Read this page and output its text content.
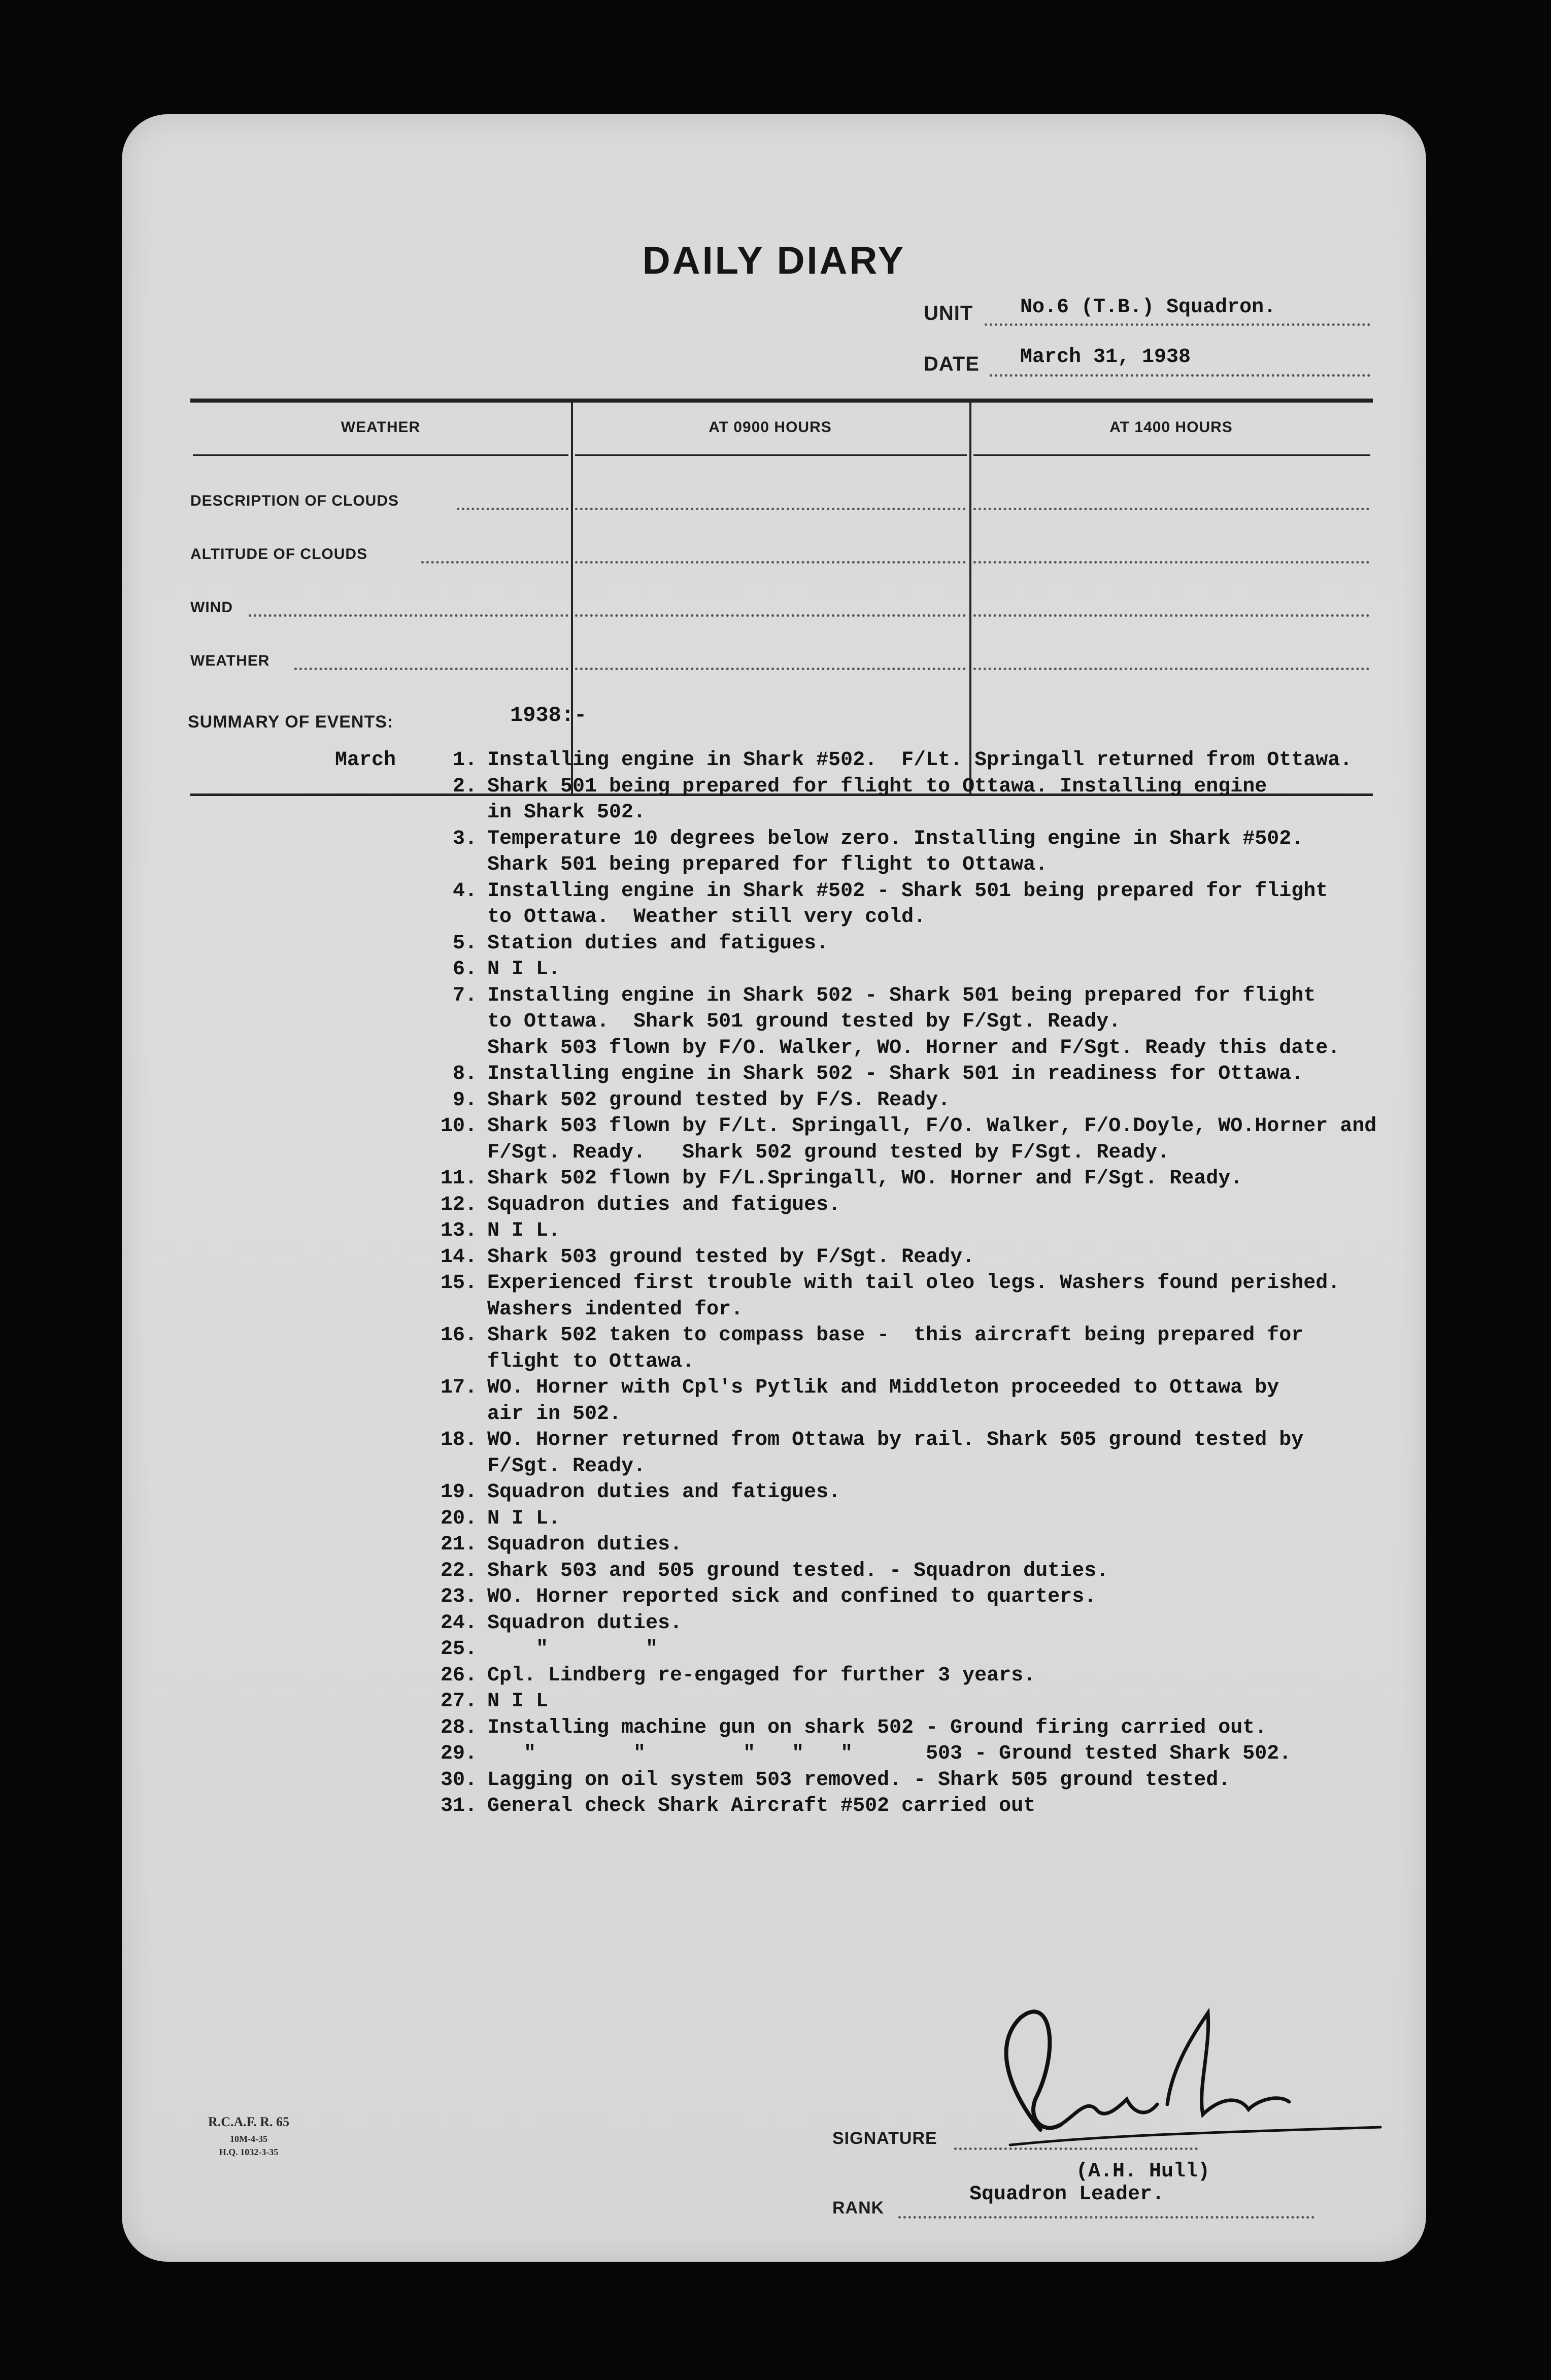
DAILY DIARY
UNIT No.6 (T.B.) Squadron.
DATE March 31, 1938
WEATHER	AT 0900 HOURS	AT 1400 HOURS
DESCRIPTION OF CLOUDS
ALTITUDE OF CLOUDS
WIND
WEATHER
SUMMARY OF EVENTS:	1938:-
March	1. Installing engine in Shark #502.  F/Lt. Springall returned from Ottawa.
2. Shark 501 being prepared for flight to Ottawa. Installing engine
in Shark 502.
3. Temperature 10 degrees below zero. Installing engine in Shark #502.
Shark 501 being prepared for flight to Ottawa.
4. Installing engine in Shark #502 - Shark 501 being prepared for flight
to Ottawa.  Weather still very cold.
5. Station duties and fatigues.
6. N I L.
7. Installing engine in Shark 502 - Shark 501 being prepared for flight
to Ottawa.  Shark 501 ground tested by F/Sgt. Ready.
Shark 503 flown by F/O. Walker, WO. Horner and F/Sgt. Ready this date.
8. Installing engine in Shark 502 - Shark 501 in readiness for Ottawa.
9. Shark 502 ground tested by F/S. Ready.
10. Shark 503 flown by F/Lt. Springall, F/O. Walker, F/O.Doyle, WO.Horner and
F/Sgt. Ready.   Shark 502 ground tested by F/Sgt. Ready.
11. Shark 502 flown by F/L.Springall, WO. Horner and F/Sgt. Ready.
12. Squadron duties and fatigues.
13. N I L.
14. Shark 503 ground tested by F/Sgt. Ready.
15. Experienced first trouble with tail oleo legs. Washers found perished.
Washers indented for.
16. Shark 502 taken to compass base -  this aircraft being prepared for
flight to Ottawa.
17. WO. Horner with Cpl's Pytlik and Middleton proceeded to Ottawa by
air in 502.
18. WO. Horner returned from Ottawa by rail. Shark 505 ground tested by
F/Sgt. Ready.
19. Squadron duties and fatigues.
20. N I L.
21. Squadron duties.
22. Shark 503 and 505 ground tested. - Squadron duties.
23. WO. Horner reported sick and confined to quarters.
24. Squadron duties.
25. "        "
26. Cpl. Lindberg re-engaged for further 3 years.
27. N I L
28. Installing machine gun on shark 502 - Ground firing carried out.
29. "        "        "   "   "      503 - Ground tested Shark 502.
30. Lagging on oil system 503 removed. - Shark 505 ground tested.
31. General check Shark Aircraft #502 carried out
R.C.A.F. R. 65
10M-4-35
H.Q. 1032-3-35
SIGNATURE
(A.H. Hull)
RANK
Squadron Leader.
